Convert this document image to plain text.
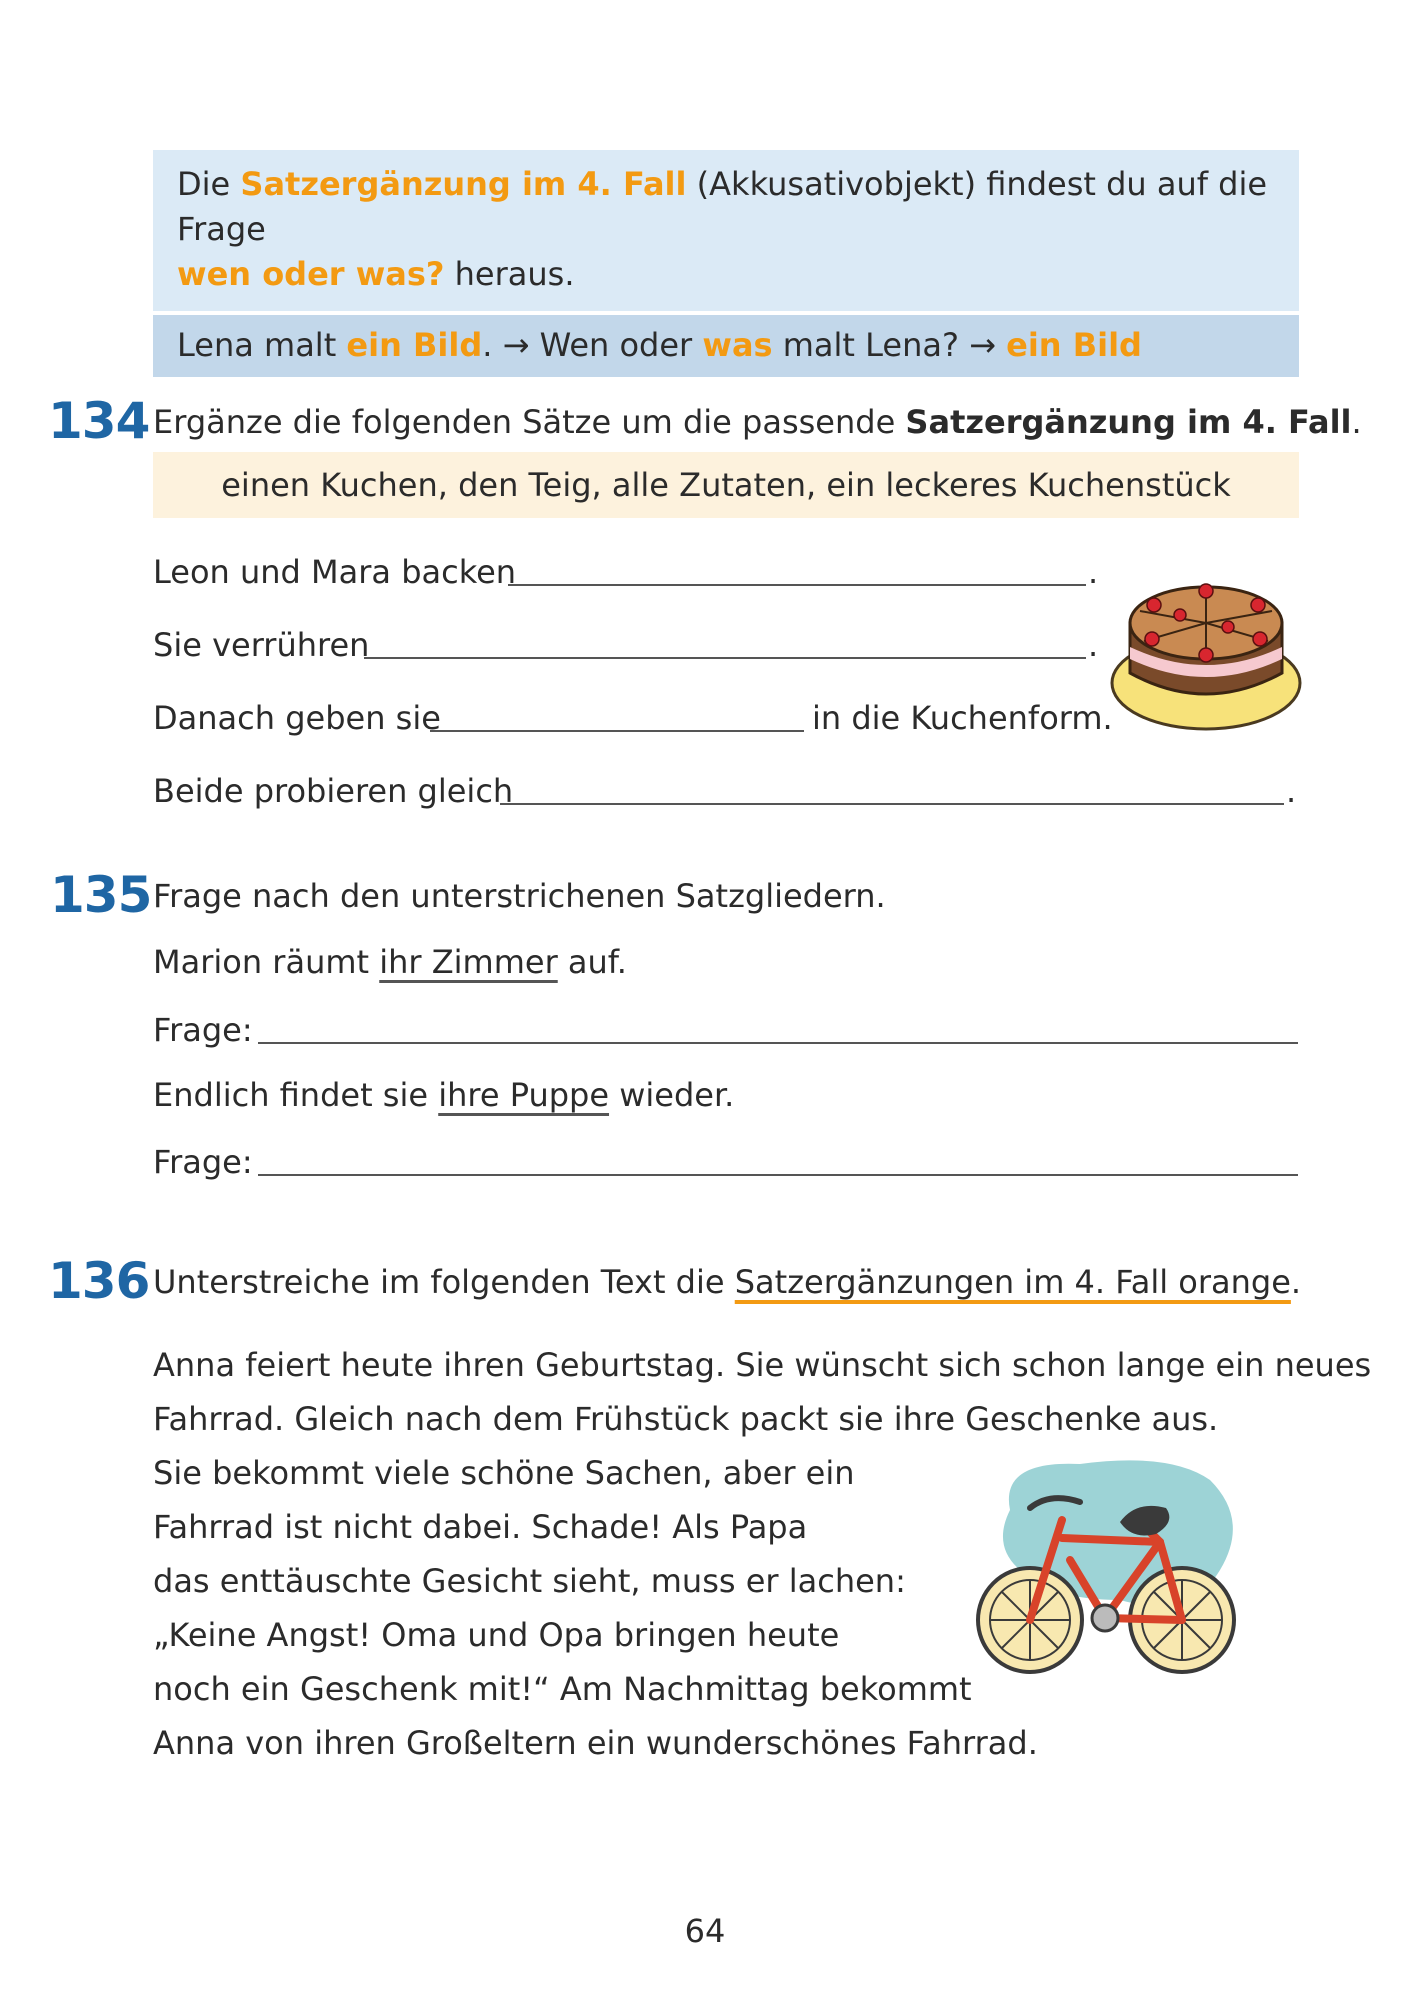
Die Satzergänzung im 4. Fall (Akkusativobjekt) findest du auf die Frage
wen oder was? heraus.
Lena malt ein Bild. → Wen oder was malt Lena? → ein Bild
134 Ergänze die folgenden Sätze um die passende Satzergänzung im 4. Fall.
einen Kuchen, den Teig, alle Zutaten, ein leckeres Kuchenstück
Leon und Mara backen	.
Sie verrühren	.
Danach geben sie	in die Kuchenform.
Beide probieren gleich	.
135 Frage nach den unterstrichenen Satzgliedern.
Marion räumt ihr Zimmer auf.
Frage:
Endlich findet sie ihre Puppe wieder.
Frage:
136 Unterstreiche im folgenden Text die Satzergänzungen im 4. Fall orange.
Anna feiert heute ihren Geburtstag. Sie wünscht sich schon lange ein neues
Fahrrad. Gleich nach dem Frühstück packt sie ihre Geschenke aus.
Sie bekommt viele schöne Sachen, aber ein
Fahrrad ist nicht dabei. Schade! Als Papa
das enttäuschte Gesicht sieht, muss er lachen:
„Keine Angst! Oma und Opa bringen heute
noch ein Geschenk mit!“ Am Nachmittag bekommt
Anna von ihren Großeltern ein wunderschönes Fahrrad.
64
